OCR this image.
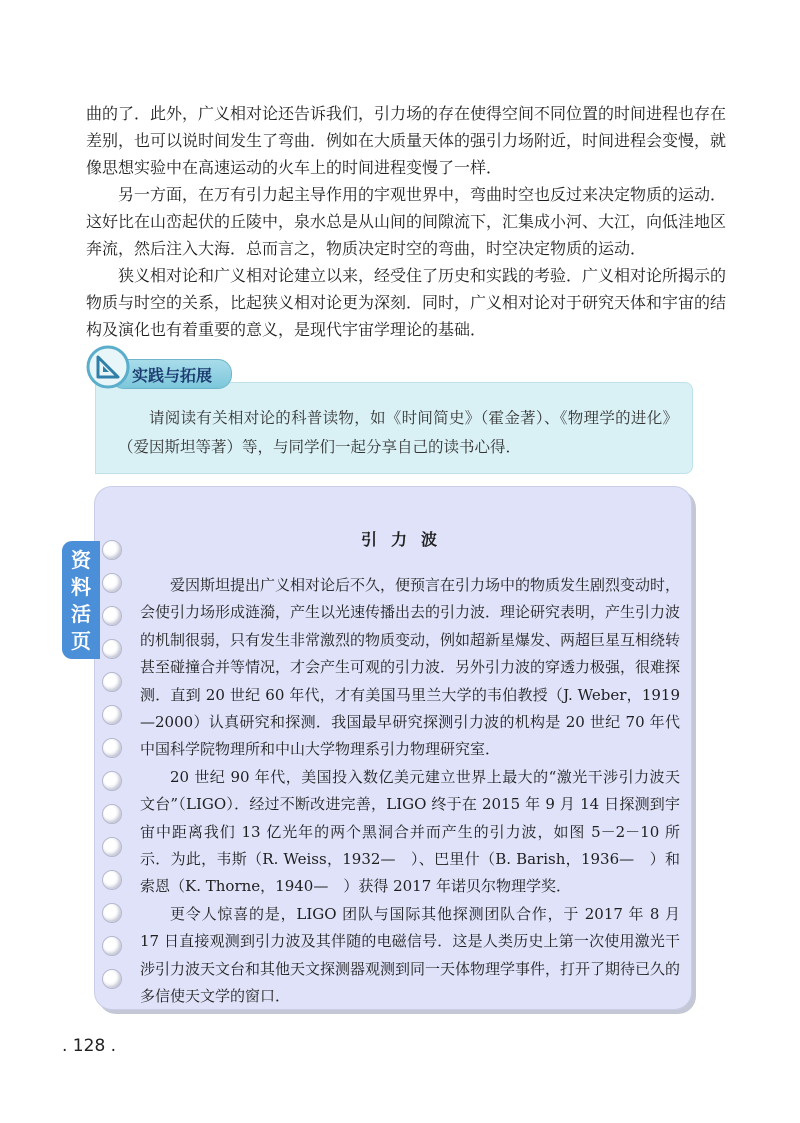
曲的了．此外，广义相对论还告诉我们，引力场的存在使得空间不同位置的时间进程也存在差别，也可以说时间发生了弯曲．例如在大质量天体的强引力场附近，时间进程会变慢，就像思想实验中在高速运动的火车上的时间进程变慢了一样．

另一方面，在万有引力起主导作用的宇观世界中，弯曲时空也反过来决定物质的运动．这好比在山峦起伏的丘陵中，泉水总是从山间的间隙流下，汇集成小河、大江，向低洼地区奔流，然后注入大海．总而言之，物质决定时空的弯曲，时空决定物质的运动．

狭义相对论和广义相对论建立以来，经受住了历史和实践的考验．广义相对论所揭示的物质与时空的关系，比起狭义相对论更为深刻．同时，广义相对论对于研究天体和宇宙的结构及演化也有着重要的意义，是现代宇宙学理论的基础．

实践与拓展

请阅读有关相对论的科普读物，如《时间简史》（霍金著）、《物理学的进化》（爱因斯坦等著）等，与同学们一起分享自己的读书心得．

资料活页
引力波

爱因斯坦提出广义相对论后不久，便预言在引力场中的物质发生剧烈变动时，会使引力场形成涟漪，产生以光速传播出去的引力波．理论研究表明，产生引力波的机制很弱，只有发生非常激烈的物质变动，例如超新星爆发、两超巨星互相绕转甚至碰撞合并等情况，才会产生可观的引力波．另外引力波的穿透力极强，很难探测．直到 20 世纪 60 年代，才有美国马里兰大学的韦伯教授（J. Weber，1919—2000）认真研究和探测．我国最早研究探测引力波的机构是 20 世纪 70 年代中国科学院物理所和中山大学物理系引力物理研究室．

20 世纪 90 年代，美国投入数亿美元建立世界上最大的“激光干涉引力波天文台”（LIGO）．经过不断改进完善，LIGO 终于在 2015 年 9 月 14 日探测到宇宙中距离我们 13 亿光年的两个黑洞合并而产生的引力波，如图 5－2－10 所示．为此，韦斯（R. Weiss，1932—　）、巴里什（B. Barish，1936—　）和索恩（K. Thorne，1940—　）获得 2017 年诺贝尔物理学奖．

更令人惊喜的是，LIGO 团队与国际其他探测团队合作，于 2017 年 8 月 17 日直接观测到引力波及其伴随的电磁信号．这是人类历史上第一次使用激光干涉引力波天文台和其他天文探测器观测到同一天体物理学事件，打开了期待已久的多信使天文学的窗口．

. 128 .
